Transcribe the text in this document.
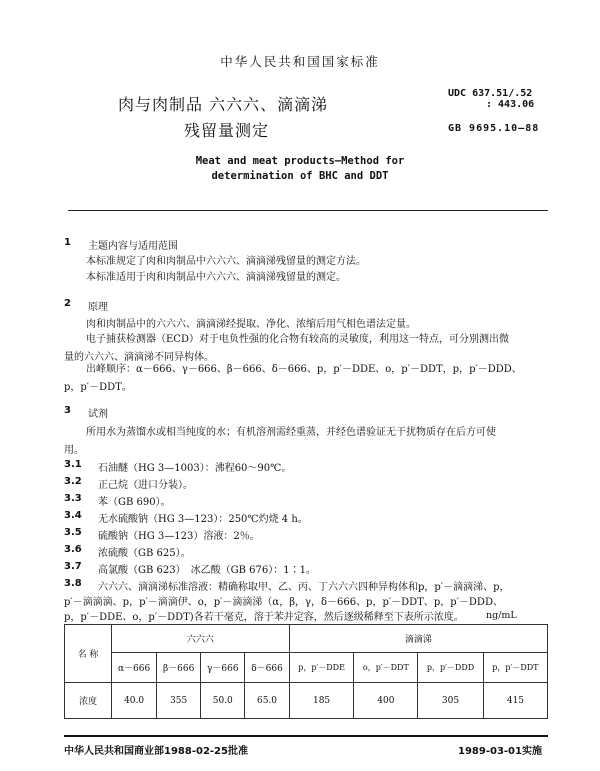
中华人民共和国国家标准
肉与肉制品 六六六、滴滴涕
残留量测定
UDC 637.51/.52
: 443.06
GB 9695.10—88
Meat and meat products—Method for
determination of BHC and DDT
1 主题内容与适用范围
本标准规定了肉和肉制品中六六六、滴滴涕残留量的测定方法。
本标准适用于肉和肉制品中六六六、滴滴涕残留量的测定。
2 原理
肉和肉制品中的六六六、滴滴涕经提取、净化、浓缩后用气相色谱法定量。
电子捕获检测器（ECD）对于电负性强的化合物有较高的灵敏度，利用这一特点，可分别测出微
量的六六六、滴滴涕不同异构体。
出峰顺序：α－666、γ－666、β－666、δ－666、p，p′－DDE、o，p′－DDT，p，p′－DDD、
p，p′－DDT。
3 试剂
所用水为蒸馏水或相当纯度的水；有机溶剂需经重蒸，并经色谱验证无干扰物质存在后方可使
用。
3.1 石油醚（HG 3—1003）：沸程60～90℃。
3.2 正己烷（进口分装）。
3.3 苯（GB 690）。
3.4 无水硫酸钠（HG 3—123）：250℃灼烧 4 h。
3.5 硫酸钠（HG 3—123）溶液：2％。
3.6 浓硫酸（GB 625）。
3.7 高氯酸（GB 623）　冰乙酸（GB 676）：1∶1。
3.8 六六六、滴滴涕标准溶液：精确称取甲、乙、丙、丁六六六四种异构体和p，p′－滴滴涕、p，
p′－滴滴滴、p，p′－滴滴伊、o，p′－滴滴涕（α，β，γ，δ－666、p，p′－DDT、p，p′－DDD、
p，p′－DDE、o，p′－DDT)各若干毫克，溶于苯并定容，然后逐级稀释至下表所示浓度。 ng/mL
名 称	六六六				滴滴涕			
	α－666	β－666	γ－666	δ－666	p，p′－DDE	o，p′－DDT	p，p′－DDD	p，p′－DDT
浓度	40.0	355	50.0	65.0	185	400	305	415
中华人民共和国商业部1988-02-25批准	1989-03-01实施
